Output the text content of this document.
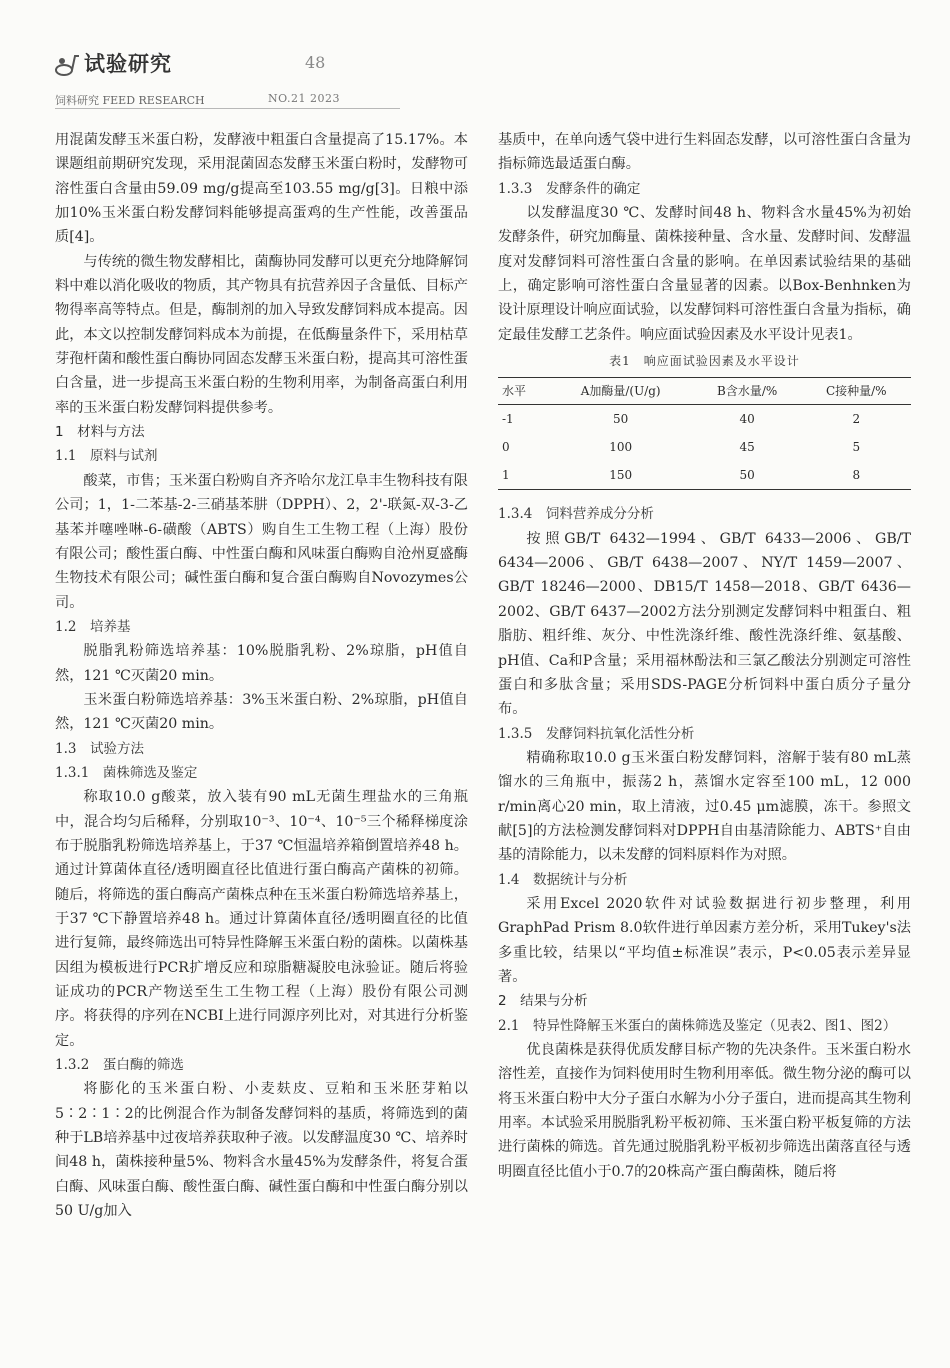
试验研究	48
饲料研究 FEED RESEARCH	NO.21 2023

用混菌发酵玉米蛋白粉，发酵液中粗蛋白含量提高了15.17%。本课题组前期研究发现，采用混菌固态发酵玉米蛋白粉时，发酵物可溶性蛋白含量由59.09 mg/g提高至103.55 mg/g[3]。日粮中添加10%玉米蛋白粉发酵饲料能够提高蛋鸡的生产性能，改善蛋品质[4]。

与传统的微生物发酵相比，菌酶协同发酵可以更充分地降解饲料中难以消化吸收的物质，其产物具有抗营养因子含量低、目标产物得率高等特点。但是，酶制剂的加入导致发酵饲料成本提高。因此，本文以控制发酵饲料成本为前提，在低酶量条件下，采用枯草芽孢杆菌和酸性蛋白酶协同固态发酵玉米蛋白粉，提高其可溶性蛋白含量，进一步提高玉米蛋白粉的生物利用率，为制备高蛋白利用率的玉米蛋白粉发酵饲料提供参考。

1　材料与方法

1.1　原料与试剂

酸菜，市售；玉米蛋白粉购自齐齐哈尔龙江阜丰生物科技有限公司；1，1-二苯基-2-三硝基苯肼（DPPH）、2，2'-联氮-双-3-乙基苯并噻唑啉-6-磺酸（ABTS）购自生工生物工程（上海）股份有限公司；酸性蛋白酶、中性蛋白酶和风味蛋白酶购自沧州夏盛酶生物技术有限公司；碱性蛋白酶和复合蛋白酶购自Novozymes公司。

1.2　培养基

脱脂乳粉筛选培养基：10%脱脂乳粉、2%琼脂，pH值自然，121 ℃灭菌20 min。

玉米蛋白粉筛选培养基：3%玉米蛋白粉、2%琼脂，pH值自然，121 ℃灭菌20 min。

1.3　试验方法

1.3.1　菌株筛选及鉴定

称取10.0 g酸菜，放入装有90 mL无菌生理盐水的三角瓶中，混合均匀后稀释，分别取10⁻³、10⁻⁴、10⁻⁵三个稀释梯度涂布于脱脂乳粉筛选培养基上，于37 ℃恒温培养箱倒置培养48 h。通过计算菌体直径/透明圈直径比值进行蛋白酶高产菌株的初筛。随后，将筛选的蛋白酶高产菌株点种在玉米蛋白粉筛选培养基上，于37 ℃下静置培养48 h。通过计算菌体直径/透明圈直径的比值进行复筛，最终筛选出可特异性降解玉米蛋白粉的菌株。以菌株基因组为模板进行PCR扩增反应和琼脂糖凝胶电泳验证。随后将验证成功的PCR产物送至生工生物工程（上海）股份有限公司测序。将获得的序列在NCBI上进行同源序列比对，对其进行分析鉴定。

1.3.2　蛋白酶的筛选

将膨化的玉米蛋白粉、小麦麸皮、豆粕和玉米胚芽粕以5∶2∶1∶2的比例混合作为制备发酵饲料的基质，将筛选到的菌种于LB培养基中过夜培养获取种子液。以发酵温度30 ℃、培养时间48 h，菌株接种量5%、物料含水量45%为发酵条件，将复合蛋白酶、风味蛋白酶、酸性蛋白酶、碱性蛋白酶和中性蛋白酶分别以50 U/g加入

基质中，在单向透气袋中进行生料固态发酵，以可溶性蛋白含量为指标筛选最适蛋白酶。

1.3.3　发酵条件的确定

以发酵温度30 ℃、发酵时间48 h、物料含水量45%为初始发酵条件，研究加酶量、菌株接种量、含水量、发酵时间、发酵温度对发酵饲料可溶性蛋白含量的影响。在单因素试验结果的基础上，确定影响可溶性蛋白含量显著的因素。以Box-Benhnken为设计原理设计响应面试验，以发酵饲料可溶性蛋白含量为指标，确定最佳发酵工艺条件。响应面试验因素及水平设计见表1。

表1　响应面试验因素及水平设计
水平	A加酶量/(U/g)	B含水量/%	C接种量/%
-1	50	40	2
0	100	45	5
1	150	50	8

1.3.4　饲料营养成分分析

按照GB/T 6432—1994、GB/T 6433—2006、GB/T 6434—2006、GB/T 6438—2007、NY/T 1459—2007、GB/T 18246—2000、DB15/T 1458—2018、GB/T 6436—2002、GB/T 6437—2002方法分别测定发酵饲料中粗蛋白、粗脂肪、粗纤维、灰分、中性洗涤纤维、酸性洗涤纤维、氨基酸、pH值、Ca和P含量；采用福林酚法和三氯乙酸法分别测定可溶性蛋白和多肽含量；采用SDS-PAGE分析饲料中蛋白质分子量分布。

1.3.5　发酵饲料抗氧化活性分析

精确称取10.0 g玉米蛋白粉发酵饲料，溶解于装有80 mL蒸馏水的三角瓶中，振荡2 h，蒸馏水定容至100 mL，12 000 r/min离心20 min，取上清液，过0.45 μm滤膜，冻干。参照文献[5]的方法检测发酵饲料对DPPH自由基清除能力、ABTS⁺自由基的清除能力，以未发酵的饲料原料作为对照。

1.4　数据统计与分析

采用Excel 2020软件对试验数据进行初步整理，利用GraphPad Prism 8.0软件进行单因素方差分析，采用Tukey's法多重比较，结果以“平均值±标准误”表示，P<0.05表示差异显著。

2　结果与分析

2.1　特异性降解玉米蛋白的菌株筛选及鉴定（见表2、图1、图2）

优良菌株是获得优质发酵目标产物的先决条件。玉米蛋白粉水溶性差，直接作为饲料使用时生物利用率低。微生物分泌的酶可以将玉米蛋白粉中大分子蛋白水解为小分子蛋白，进而提高其生物利用率。本试验采用脱脂乳粉平板初筛、玉米蛋白粉平板复筛的方法进行菌株的筛选。首先通过脱脂乳粉平板初步筛选出菌落直径与透明圈直径比值小于0.7的20株高产蛋白酶菌株，随后将
